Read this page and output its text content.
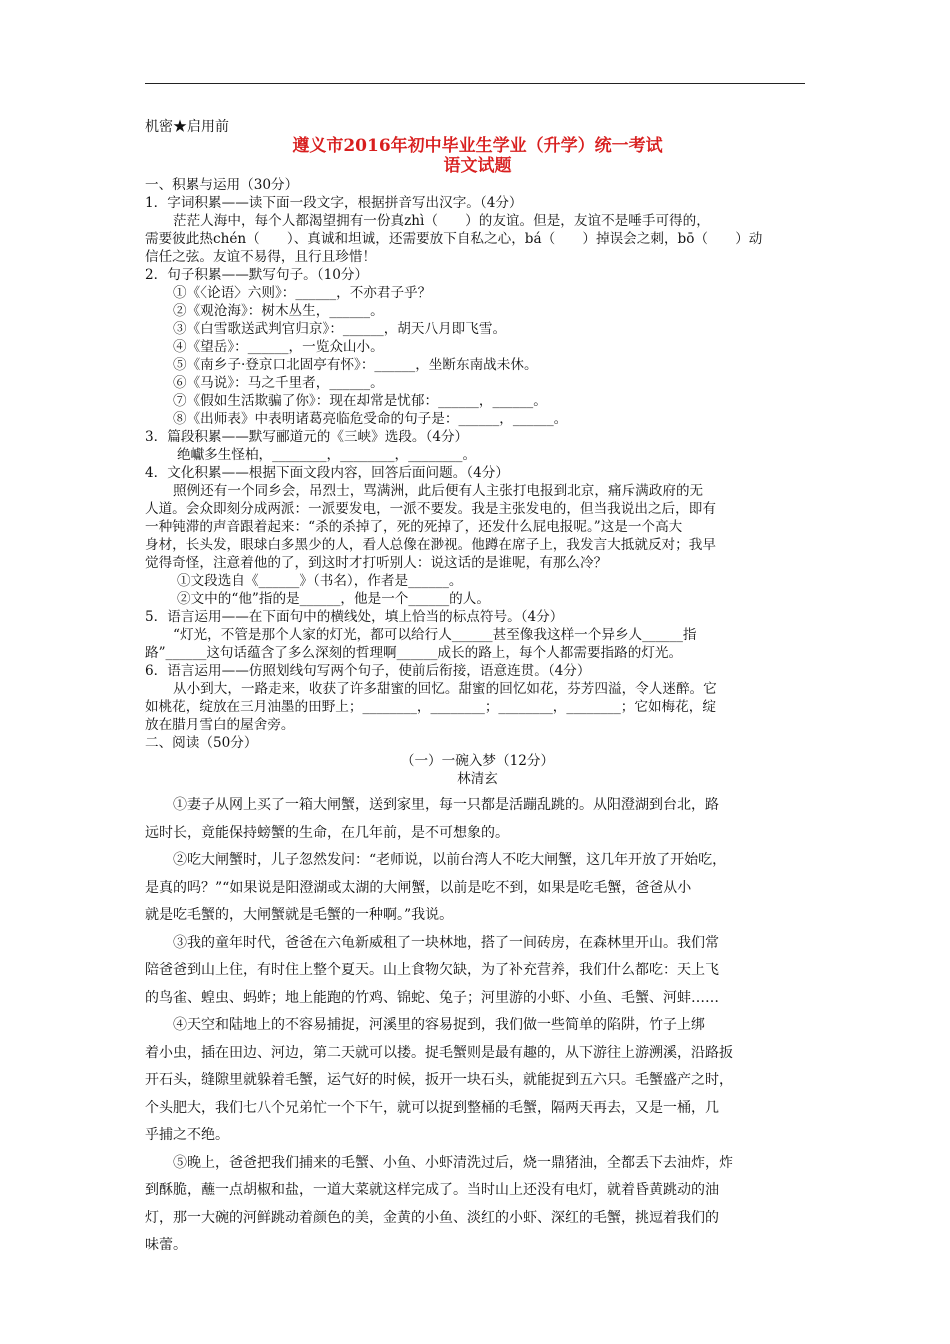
机密★启用前
遵义市2016年初中毕业生学业（升学）统一考试
语文试题
一、积累与运用（30分）
1．字词积累——读下面一段文字，根据拼音写出汉字。（4分）
茫茫人海中，每个人都渴望拥有一份真zhì（　　）的友谊。但是，友谊不是唾手可得的，
需要彼此热chén（　　）、真诚和坦诚，还需要放下自私之心，bá（　　）掉误会之刺，bō（　　）动
信任之弦。友谊不易得，且行且珍惜！
2．句子积累——默写句子。（10分）
①《〈论语〉六则》：______，不亦君子乎？
②《观沧海》：树木丛生，______。
③《白雪歌送武判官归京》：______，胡天八月即飞雪。
④《望岳》：______，一览众山小。
⑤《南乡子·登京口北固亭有怀》：______，坐断东南战未休。
⑥《马说》：马之千里者，______。
⑦《假如生活欺骗了你》：现在却常是忧郁：______，______。
⑧《出师表》中表明诸葛亮临危受命的句子是：______，______。
3．篇段积累——默写郦道元的《三峡》选段。（4分）
绝巘多生怪柏，________，________，________。
4．文化积累——根据下面文段内容，回答后面问题。（4分）
照例还有一个同乡会，吊烈士，骂满洲，此后便有人主张打电报到北京，痛斥满政府的无
人道。会众即刻分成两派：一派要发电，一派不要发。我是主张发电的，但当我说出之后，即有
一种钝滞的声音跟着起来：“杀的杀掉了，死的死掉了，还发什么屁电报呢。”这是一个高大
身材，长头发，眼球白多黑少的人，看人总像在渺视。他蹲在席子上，我发言大抵就反对；我早
觉得奇怪，注意着他的了，到这时才打听别人：说这话的是谁呢，有那么冷？
①文段选自《______》（书名），作者是______。
②文中的“他”指的是______，他是一个______的人。
5．语言运用——在下面句中的横线处，填上恰当的标点符号。（4分）
“灯光，不管是那个人家的灯光，都可以给行人______甚至像我这样一个异乡人______指
路”______这句话蕴含了多么深刻的哲理啊______成长的路上，每个人都需要指路的灯光。
6．语言运用——仿照划线句写两个句子，使前后衔接，语意连贯。（4分）
从小到大，一路走来，收获了许多甜蜜的回忆。甜蜜的回忆如花，芬芳四溢，令人迷醉。它
如桃花，绽放在三月油墨的田野上；________，________；________，________；它如梅花，绽
放在腊月雪白的屋舍旁。
二、阅读（50分）
（一）一碗入梦（12分）
林清玄
①妻子从网上买了一箱大闸蟹，送到家里，每一只都是活蹦乱跳的。从阳澄湖到台北，路
远时长，竟能保持螃蟹的生命，在几年前，是不可想象的。
②吃大闸蟹时，儿子忽然发问：“老师说，以前台湾人不吃大闸蟹，这几年开放了开始吃，
是真的吗？”“如果说是阳澄湖或太湖的大闸蟹，以前是吃不到，如果是吃毛蟹，爸爸从小
就是吃毛蟹的，大闸蟹就是毛蟹的一种啊。”我说。
③我的童年时代，爸爸在六龟新威租了一块林地，搭了一间砖房，在森林里开山。我们常
陪爸爸到山上住，有时住上整个夏天。山上食物欠缺，为了补充营养，我们什么都吃：天上飞
的鸟雀、蝗虫、蚂蚱；地上能跑的竹鸡、锦蛇、兔子；河里游的小虾、小鱼、毛蟹、河蚌……
④天空和陆地上的不容易捕捉，河溪里的容易捉到，我们做一些简单的陷阱，竹子上绑
着小虫，插在田边、河边，第二天就可以搂。捉毛蟹则是最有趣的，从下游往上游溯溪，沿路扳
开石头，缝隙里就躲着毛蟹，运气好的时候，扳开一块石头，就能捉到五六只。毛蟹盛产之时，
个头肥大，我们七八个兄弟忙一个下午，就可以捉到整桶的毛蟹，隔两天再去，又是一桶，几
乎捕之不绝。
⑤晚上，爸爸把我们捕来的毛蟹、小鱼、小虾清洗过后，烧一鼎猪油，全都丢下去油炸，炸
到酥脆，蘸一点胡椒和盐，一道大菜就这样完成了。当时山上还没有电灯，就着昏黄跳动的油
灯，那一大碗的河鲜跳动着颜色的美，金黄的小鱼、淡红的小虾、深红的毛蟹，挑逗着我们的
味蕾。
